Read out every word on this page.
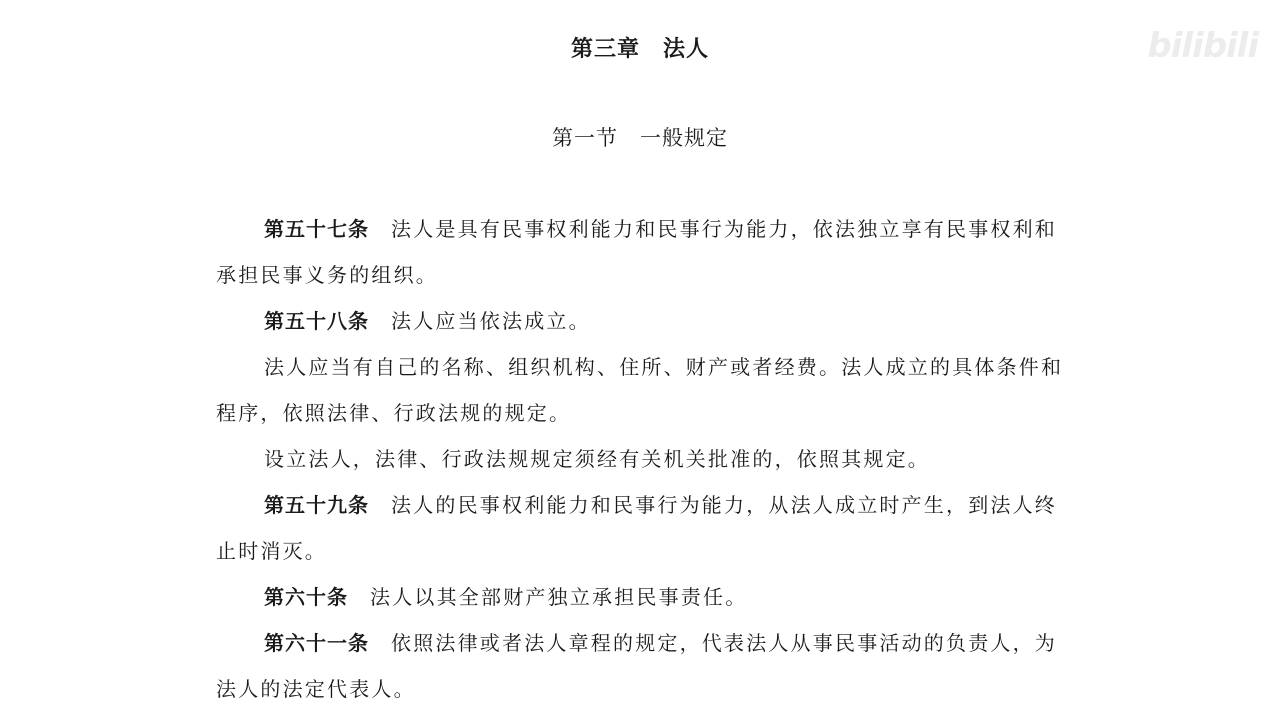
第三章　法人	bilibili
第一节　一般规定

第五十七条 法人是具有民事权利能力和民事行为能力，依法独立享有民事权利和承担民事义务的组织。

第五十八条 法人应当依法成立。

法人应当有自己的名称、组织机构、住所、财产或者经费。法人成立的具体条件和程序，依照法律、行政法规的规定。

设立法人，法律、行政法规规定须经有关机关批准的，依照其规定。

第五十九条 法人的民事权利能力和民事行为能力，从法人成立时产生，到法人终止时消灭。

第六十条 法人以其全部财产独立承担民事责任。

第六十一条 依照法律或者法人章程的规定，代表法人从事民事活动的负责人，为法人的法定代表人。
